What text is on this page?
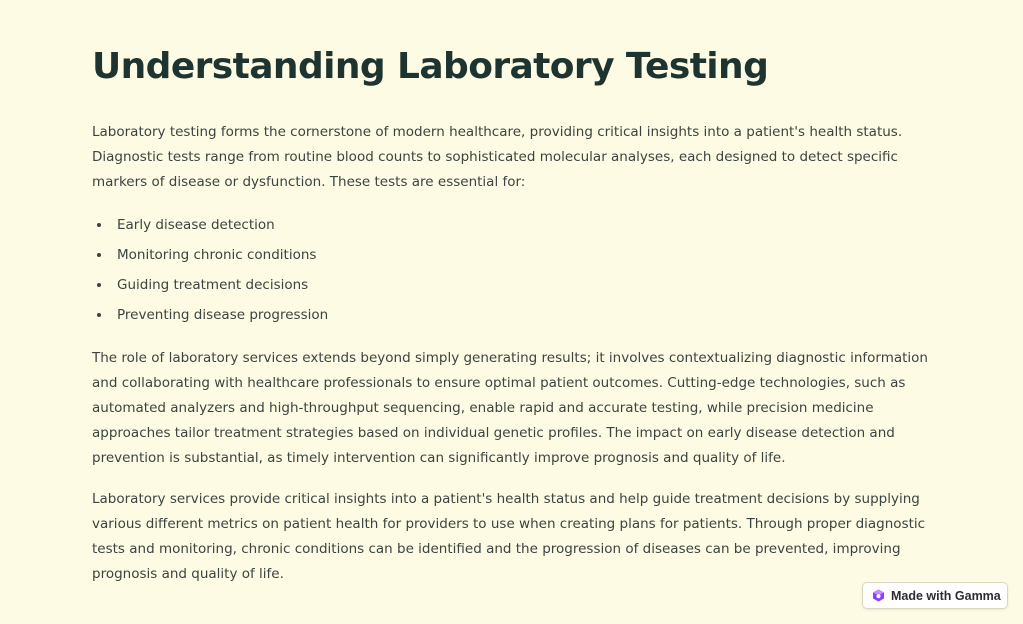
Understanding Laboratory Testing

Laboratory testing forms the cornerstone of modern healthcare, providing critical insights into a patient's health status. Diagnostic tests range from routine blood counts to sophisticated molecular analyses, each designed to detect specific markers of disease or dysfunction. These tests are essential for:

Early disease detection
Monitoring chronic conditions
Guiding treatment decisions
Preventing disease progression

The role of laboratory services extends beyond simply generating results; it involves contextualizing diagnostic information and collaborating with healthcare professionals to ensure optimal patient outcomes. Cutting-edge technologies, such as automated analyzers and high-throughput sequencing, enable rapid and accurate testing, while precision medicine approaches tailor treatment strategies based on individual genetic profiles. The impact on early disease detection and prevention is substantial, as timely intervention can significantly improve prognosis and quality of life.

Laboratory services provide critical insights into a patient's health status and help guide treatment decisions by supplying various different metrics on patient health for providers to use when creating plans for patients. Through proper diagnostic tests and monitoring, chronic conditions can be identified and the progression of diseases can be prevented, improving prognosis and quality of life.

Made with Gamma
